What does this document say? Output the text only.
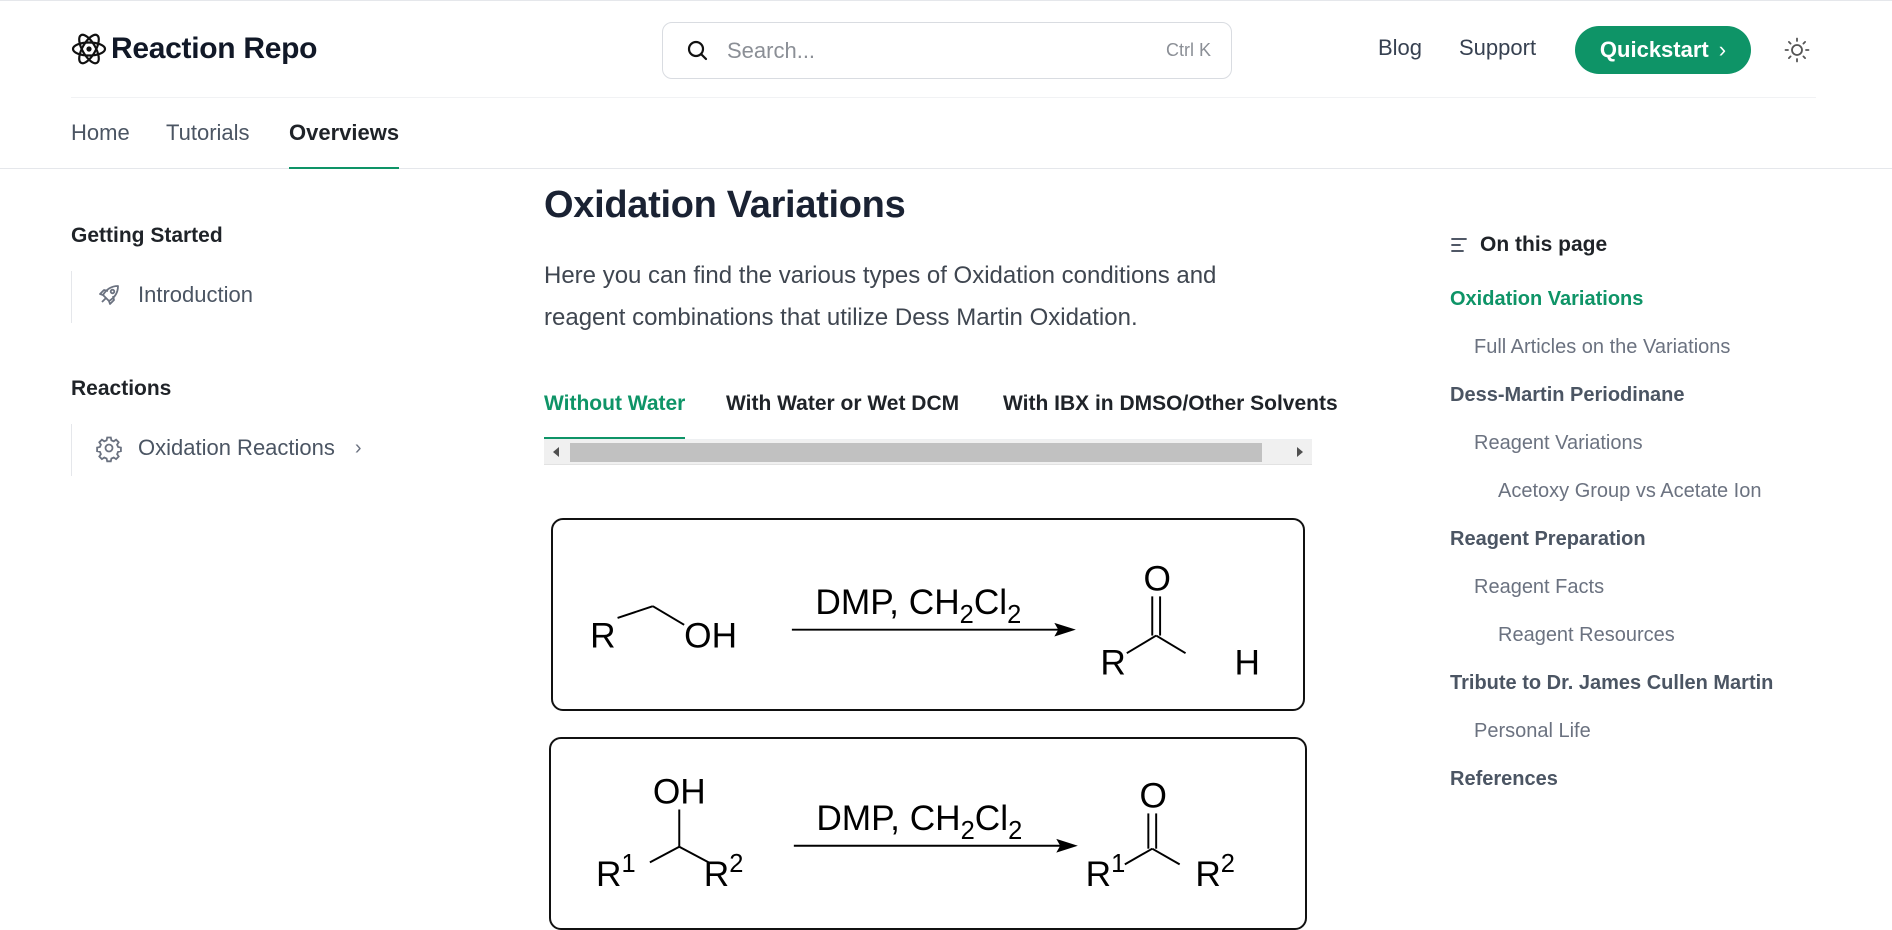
Reaction Repo
Search...	Ctrl K	Blog Support	Quickstart ›
Home Tutorials Overviews
Getting Started
Introduction
Reactions
Oxidation Reactions ›
Oxidation Variations

Here you can find the various types of Oxidation conditions and reagent combinations that utilize Dess Martin Oxidation.

Without Water With Water or Wet DCM With IBX in DMSO/Other Solvents
R OH
DMP, $CH_2Cl_2$
O
R	H
OH
$R^1$ $R^2$
DMP, $CH_2Cl_2$
O
$R^1$ $R^2$
On this page
Oxidation Variations
Full Articles on the Variations
Dess-Martin Periodinane
Reagent Variations
Acetoxy Group vs Acetate Ion
Reagent Preparation
Reagent Facts
Reagent Resources
Tribute to Dr. James Cullen Martin
Personal Life
References
